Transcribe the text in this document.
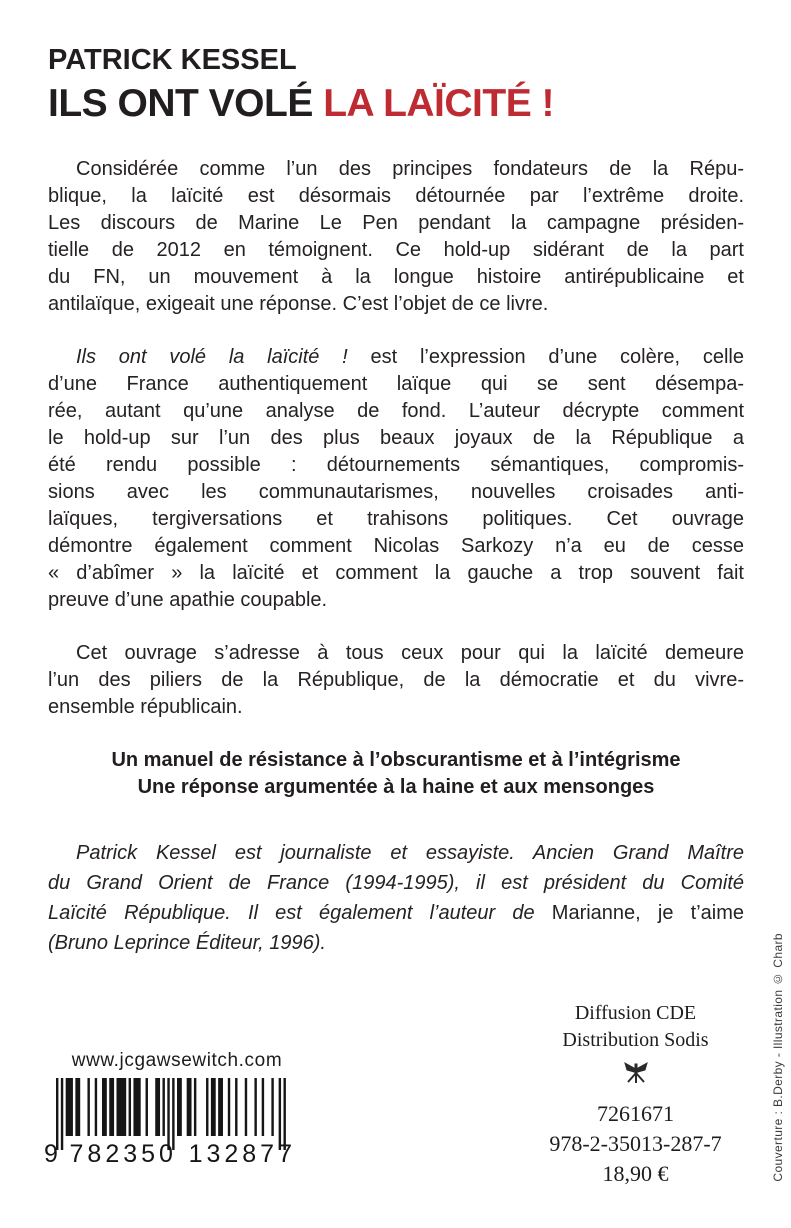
PATRICK KESSEL
ILS ONT VOLÉ LA LAÏCITÉ !
Considérée comme l’un des principes fondateurs de la Répu-
blique, la laïcité est désormais détournée par l’extrême droite.
Les discours de Marine Le Pen pendant la campagne présiden-
tielle de 2012 en témoignent. Ce hold-up sidérant de la part
du FN, un mouvement à la longue histoire antirépublicaine et
antilaïque, exigeait une réponse. C’est l’objet de ce livre.
Ils ont volé la laïcité ! est l’expression d’une colère, celle
d’une France authentiquement laïque qui se sent désempa-
rée, autant qu’une analyse de fond. L’auteur décrypte comment
le hold-up sur l’un des plus beaux joyaux de la République a
été rendu possible : détournements sémantiques, compromis-
sions avec les communautarismes, nouvelles croisades anti-
laïques, tergiversations et trahisons politiques. Cet ouvrage
démontre également comment Nicolas Sarkozy n’a eu de cesse
« d’abîmer » la laïcité et comment la gauche a trop souvent fait
preuve d’une apathie coupable.
Cet ouvrage s’adresse à tous ceux pour qui la laïcité demeure
l’un des piliers de la République, de la démocratie et du vivre-
ensemble républicain.
Un manuel de résistance à l’obscurantisme et à l’intégrisme
Une réponse argumentée à la haine et aux mensonges
Patrick Kessel est journaliste et essayiste. Ancien Grand Maître
du Grand Orient de France (1994-1995), il est président du Comité
Laïcité République. Il est également l’auteur de Marianne, je t’aime
(Bruno Leprince Éditeur, 1996).
www.jcgawsewitch.com
9 782350 132877
Diffusion CDE
Distribution Sodis
7261671
978-2-35013-287-7
18,90 €	Couverture : B.Derby - Illustration © Charb
